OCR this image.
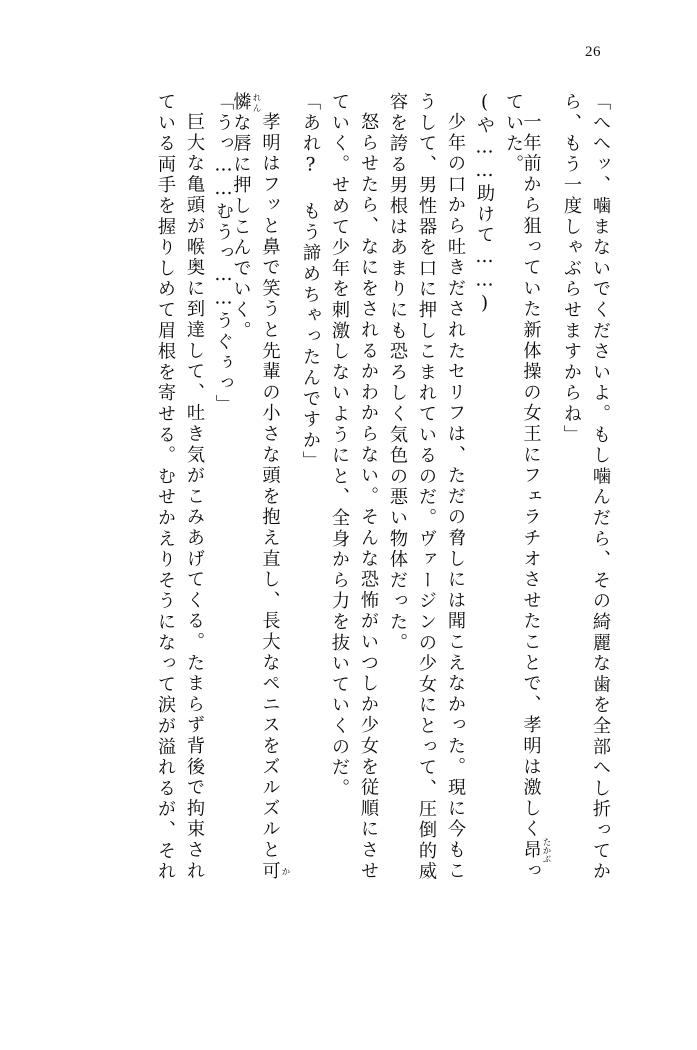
26
「へへッ、噛まないでくださいよ。もし噛んだら、その綺麗な歯を全部へし折ってか
ら、もう一度しゃぶらせますからね」
一年前から狙っていた新体操の女王にフェラチオさせたことで、孝明は激しく昂 たかぶっ
ていた。
(や……助けて……)
少年の口から吐きだされたセリフは、ただの脅しには聞こえなかった。現に今もこ
うして、男性器を口に押しこまれているのだ。ヴァージンの少女にとって、圧倒的威
容を誇る男根はあまりにも恐ろしく気色の悪い物体だった。
怒らせたら、なにをされるかわからない。そんな恐怖がいつしか少女を従順にさせ
ていく。せめて少年を刺激しないようにと、全身から力を抜いていくのだ。
「あれ? もう諦めちゃったんですか」
孝明はフッと鼻で笑うと先輩の小さな頭を抱え直し、長大なペニスをズルズルと可 か
憐 れんな唇に押しこんでいく。
「うっ……むうっ……うぐぅっ」
巨大な亀頭が喉奥に到達して、吐き気がこみあげてくる。たまらず背後で拘束され
ている両手を握りしめて眉根を寄せる。むせかえりそうになって涙が溢れるが、それ
